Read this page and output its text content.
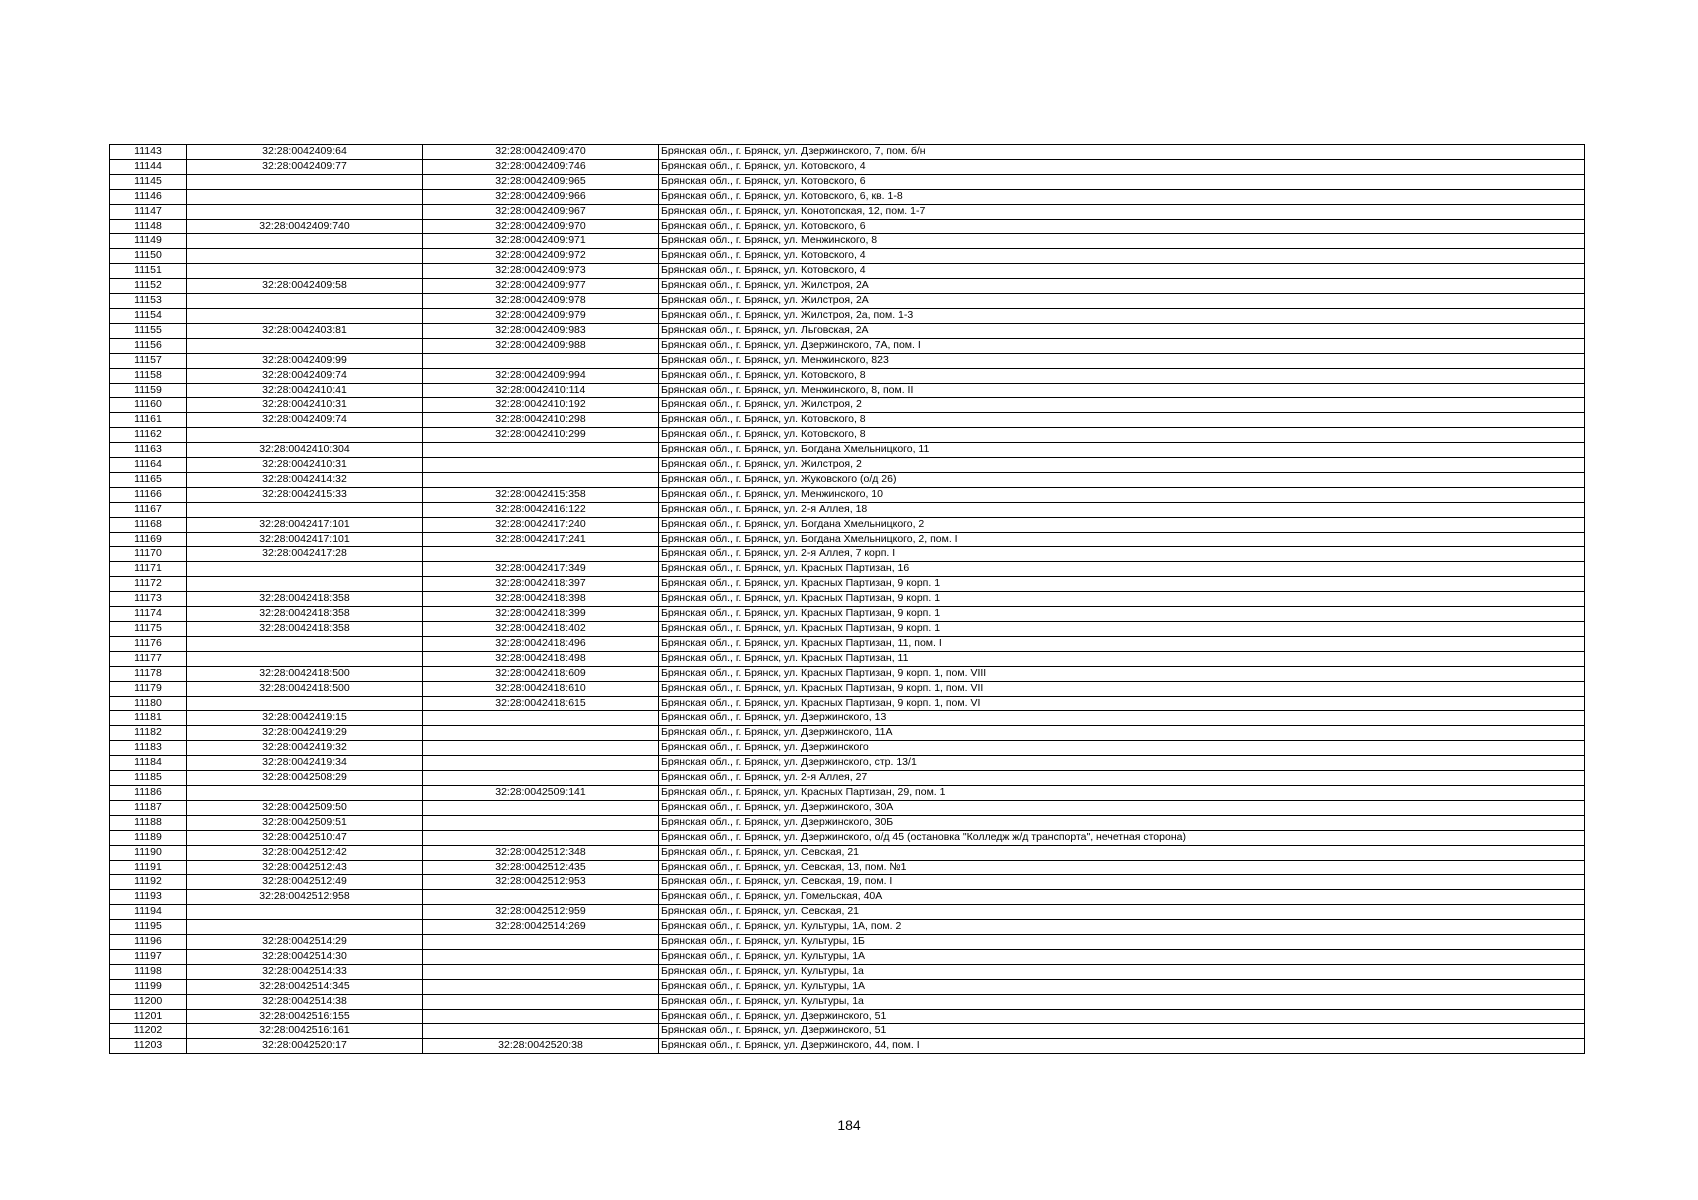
11143	32:28:0042409:64	32:28:0042409:470	Брянская обл., г. Брянск, ул. Дзержинского, 7, пом. б/н
11144	32:28:0042409:77	32:28:0042409:746	Брянская обл., г. Брянск, ул. Котовского, 4
11145		32:28:0042409:965	Брянская обл., г. Брянск, ул. Котовского, 6
11146		32:28:0042409:966	Брянская обл., г. Брянск, ул. Котовского, 6, кв. 1-8
11147		32:28:0042409:967	Брянская обл., г. Брянск, ул. Конотопская, 12, пом. 1-7
11148	32:28:0042409:740	32:28:0042409:970	Брянская обл., г. Брянск, ул. Котовского, 6
11149		32:28:0042409:971	Брянская обл., г. Брянск, ул. Менжинского, 8
11150		32:28:0042409:972	Брянская обл., г. Брянск, ул. Котовского, 4
11151		32:28:0042409:973	Брянская обл., г. Брянск, ул. Котовского, 4
11152	32:28:0042409:58	32:28:0042409:977	Брянская обл., г. Брянск, ул. Жилстроя, 2А
11153		32:28:0042409:978	Брянская обл., г. Брянск, ул. Жилстроя, 2А
11154		32:28:0042409:979	Брянская обл., г. Брянск, ул. Жилстроя, 2а, пом. 1-3
11155	32:28:0042403:81	32:28:0042409:983	Брянская обл., г. Брянск, ул. Льговская, 2А
11156		32:28:0042409:988	Брянская обл., г. Брянск, ул. Дзержинского, 7А, пом. I
11157	32:28:0042409:99		Брянская обл., г. Брянск, ул. Менжинского, 823
11158	32:28:0042409:74	32:28:0042409:994	Брянская обл., г. Брянск, ул. Котовского, 8
11159	32:28:0042410:41	32:28:0042410:114	Брянская обл., г. Брянск, ул. Менжинского, 8, пом. II
11160	32:28:0042410:31	32:28:0042410:192	Брянская обл., г. Брянск, ул. Жилстроя, 2
11161	32:28:0042409:74	32:28:0042410:298	Брянская обл., г. Брянск, ул. Котовского, 8
11162		32:28:0042410:299	Брянская обл., г. Брянск, ул. Котовского, 8
11163	32:28:0042410:304		Брянская обл., г. Брянск, ул. Богдана Хмельницкого, 11
11164	32:28:0042410:31		Брянская обл., г. Брянск, ул. Жилстроя, 2
11165	32:28:0042414:32		Брянская обл., г. Брянск, ул. Жуковского (о/д 26)
11166	32:28:0042415:33	32:28:0042415:358	Брянская обл., г. Брянск, ул. Менжинского, 10
11167		32:28:0042416:122	Брянская обл., г. Брянск, ул. 2-я Аллея, 18
11168	32:28:0042417:101	32:28:0042417:240	Брянская обл., г. Брянск, ул. Богдана Хмельницкого, 2
11169	32:28:0042417:101	32:28:0042417:241	Брянская обл., г. Брянск, ул. Богдана Хмельницкого, 2, пом. I
11170	32:28:0042417:28		Брянская обл., г. Брянск, ул. 2-я Аллея, 7 корп. I
11171		32:28:0042417:349	Брянская обл., г. Брянск, ул. Красных Партизан, 16
11172		32:28:0042418:397	Брянская обл., г. Брянск, ул. Красных Партизан, 9 корп. 1
11173	32:28:0042418:358	32:28:0042418:398	Брянская обл., г. Брянск, ул. Красных Партизан, 9 корп. 1
11174	32:28:0042418:358	32:28:0042418:399	Брянская обл., г. Брянск, ул. Красных Партизан, 9 корп. 1
11175	32:28:0042418:358	32:28:0042418:402	Брянская обл., г. Брянск, ул. Красных Партизан, 9 корп. 1
11176		32:28:0042418:496	Брянская обл., г. Брянск, ул. Красных Партизан, 11, пом. I
11177		32:28:0042418:498	Брянская обл., г. Брянск, ул. Красных Партизан, 11
11178	32:28:0042418:500	32:28:0042418:609	Брянская обл., г. Брянск, ул. Красных Партизан, 9 корп. 1, пом. VIII
11179	32:28:0042418:500	32:28:0042418:610	Брянская обл., г. Брянск, ул. Красных Партизан, 9 корп. 1, пом. VII
11180		32:28:0042418:615	Брянская обл., г. Брянск, ул. Красных Партизан, 9 корп. 1, пом. VI
11181	32:28:0042419:15		Брянская обл., г. Брянск, ул. Дзержинского, 13
11182	32:28:0042419:29		Брянская обл., г. Брянск, ул. Дзержинского, 11А
11183	32:28:0042419:32		Брянская обл., г. Брянск, ул. Дзержинского
11184	32:28:0042419:34		Брянская обл., г. Брянск, ул. Дзержинского, стр. 13/1
11185	32:28:0042508:29		Брянская обл., г. Брянск, ул. 2-я Аллея, 27
11186		32:28:0042509:141	Брянская обл., г. Брянск, ул. Красных Партизан, 29, пом. 1
11187	32:28:0042509:50		Брянская обл., г. Брянск, ул. Дзержинского, 30А
11188	32:28:0042509:51		Брянская обл., г. Брянск, ул. Дзержинского, 30Б
11189	32:28:0042510:47		Брянская обл., г. Брянск, ул. Дзержинского, о/д 45 (остановка "Колледж ж/д транспорта", нечетная сторона)
11190	32:28:0042512:42	32:28:0042512:348	Брянская обл., г. Брянск, ул. Севская, 21
11191	32:28:0042512:43	32:28:0042512:435	Брянская обл., г. Брянск, ул. Севская, 13, пом. №1
11192	32:28:0042512:49	32:28:0042512:953	Брянская обл., г. Брянск, ул. Севская, 19, пом. I
11193	32:28:0042512:958		Брянская обл., г. Брянск, ул. Гомельская, 40А
11194		32:28:0042512:959	Брянская обл., г. Брянск, ул. Севская, 21
11195		32:28:0042514:269	Брянская обл., г. Брянск, ул. Культуры, 1А, пом. 2
11196	32:28:0042514:29		Брянская обл., г. Брянск, ул. Культуры, 1Б
11197	32:28:0042514:30		Брянская обл., г. Брянск, ул. Культуры, 1А
11198	32:28:0042514:33		Брянская обл., г. Брянск, ул. Культуры, 1а
11199	32:28:0042514:345		Брянская обл., г. Брянск, ул. Культуры, 1А
11200	32:28:0042514:38		Брянская обл., г. Брянск, ул. Культуры, 1а
11201	32:28:0042516:155		Брянская обл., г. Брянск, ул. Дзержинского, 51
11202	32:28:0042516:161		Брянская обл., г. Брянск, ул. Дзержинского, 51
11203	32:28:0042520:17	32:28:0042520:38	Брянская обл., г. Брянск, ул. Дзержинского, 44, пом. I
184
